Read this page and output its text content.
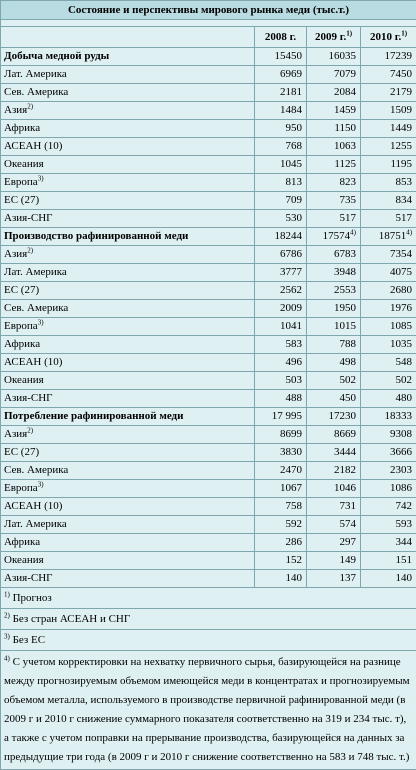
Состояние и перспективы мирового рынка меди (тыс.т.)			

	2008 г.	2009 г.$^{1)}$	2010 г.$^{1)}$
Добыча медной руды	15450	16035	17239
Лат. Америка	6969	7079	7450
Сев. Америка	2181	2084	2179
Азия$^{2)}$	1484	1459	1509
Африка	950	1150	1449
АСЕАН (10)	768	1063	1255
Океания	1045	1125	1195
Европа$^{3)}$	813	823	853
ЕС (27)	709	735	834
Азия-СНГ	530	517	517
Производство рафинированной меди	18244	17574$^{4)}$	18751$^{4)}$
Азия$^{2)}$	6786	6783	7354
Лат. Америка	3777	3948	4075
ЕС (27)	2562	2553	2680
Сев. Америка	2009	1950	1976
Европа$^{3)}$	1041	1015	1085
Африка	583	788	1035
АСЕАН (10)	496	498	548
Океания	503	502	502
Азия-СНГ	488	450	480
Потребление рафинированной меди	17 995	17230	18333
Азия$^{2)}$	8699	8669	9308
ЕС (27)	3830	3444	3666
Сев. Америка	2470	2182	2303
Европа$^{3)}$	1067	1046	1086
АСЕАН (10)	758	731	742
Лат. Америка	592	574	593
Африка	286	297	344
Океания	152	149	151
Азия-СНГ	140	137	140
$^{1)}$ Прогноз			
$^{2)}$ Без стран АСЕАН и СНГ			
$^{3)}$ Без ЕС			
$^{4)}$ С учетом корректировки на нехватку первичного сырья, базирующейся на разнице между прогнозируемым объемом имеющейся меди в концентратах и прогнозируемым объемом металла, используемого в производстве первичной рафинированной меди (в 2009 г и 2010 г снижение суммарного показателя соответственно на 319 и 234 тыс. т), а также с учетом поправки на прерывание производства, базирующейся на данных за предыдущие три года (в 2009 г и 2010 г снижение соответственно на 583 и 748 тыс. т.)			
